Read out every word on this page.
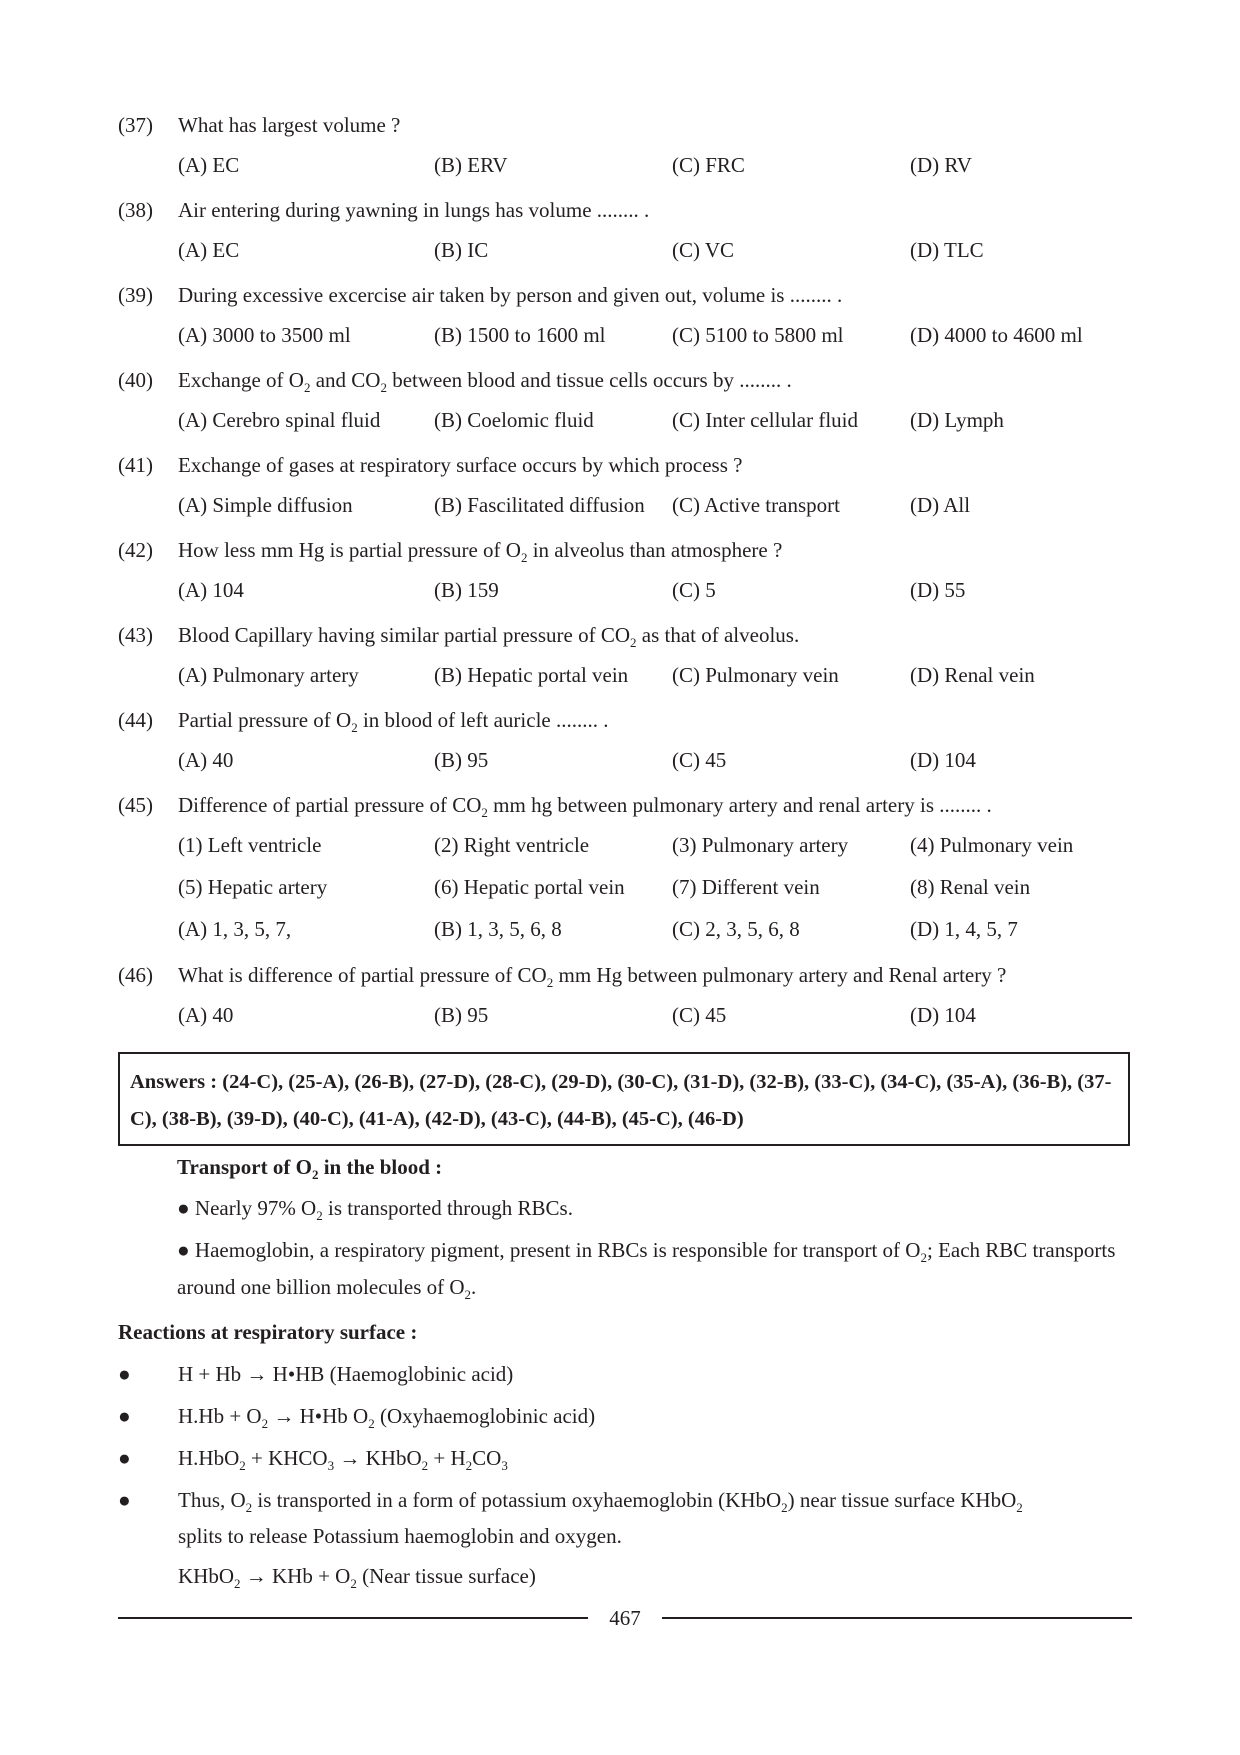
(37) What has largest volume ?
(A) EC	(B) ERV	(C) FRC	(D) RV
(38) Air entering during yawning in lungs has volume ........ .
(A) EC	(B) IC	(C) VC	(D) TLC
(39) During excessive excercise air taken by person and given out, volume is ........ .
(A) 3000 to 3500 ml	(B) 1500 to 1600 ml	(C) 5100 to 5800 ml	(D) 4000 to 4600 ml
(40) Exchange of $O_2$ and $CO_2$ between blood and tissue cells occurs by ........ .
(A) Cerebro spinal fluid	(B) Coelomic fluid	(C) Inter cellular fluid (D) Lymph
(41) Exchange of gases at respiratory surface occurs by which process ?
(A) Simple diffusion	(B) Fascilitated diffusion (C) Active transport	(D) All
(42) How less mm Hg is partial pressure of $O_2$ in alveolus than atmosphere ?
(A) 104	(B) 159	(C) 5	(D) 55
(43) Blood Capillary having similar partial pressure of $CO_2$ as that of alveolus.
(A) Pulmonary artery	(B) Hepatic portal vein (C) Pulmonary vein	(D) Renal vein
(44) Partial pressure of $O_2$ in blood of left auricle ........ .
(A) 40	(B) 95	(C) 45	(D) 104
(45) Difference of partial pressure of $CO_2$ mm hg between pulmonary artery and renal artery is ........ .
(1) Left ventricle	(2) Right ventricle	(3) Pulmonary artery	(4) Pulmonary vein
(5) Hepatic artery	(6) Hepatic portal vein (7) Different vein	(8) Renal vein
(A) 1, 3, 5, 7,	(B) 1, 3, 5, 6, 8	(C) 2, 3, 5, 6, 8	(D) 1, 4, 5, 7
(46) What is difference of partial pressure of $CO_2$ mm Hg between pulmonary artery and Renal artery ?
(A) 40	(B) 95	(C) 45	(D) 104
Answers : (24-C), (25-A), (26-B), (27-D), (28-C), (29-D), (30-C), (31-D), (32-B), (33-C), (34-C), (35-A), (36-B), (37-C), (38-B), (39-D), (40-C), (41-A), (42-D), (43-C), (44-B), (45-C), (46-D)
Transport of $O_2$ in the blood :
● Nearly 97% $O_2$ is transported through RBCs.
● Haemoglobin, a respiratory pigment, present in RBCs is responsible for transport of $O_2$; Each RBC transports around one billion molecules of $O_2$.
Reactions at respiratory surface :
● H + Hb → H•HB (Haemoglobinic acid)
● $H.Hb + O_2$ → H•Hb $O_2$ (Oxyhaemoglobinic acid)
● $H.HbO_2 + KHCO_3$ → KHbO$_2$ + $H_2CO_3$
● Thus, $O_2$ is transported in a form of potassium oxyhaemoglobin (KHbO$_2$) near tissue surface KHbO$_2$
splits to release Potassium haemoglobin and oxygen.
KHbO$_2$ → KHb + $O_2$ (Near tissue surface)
467
